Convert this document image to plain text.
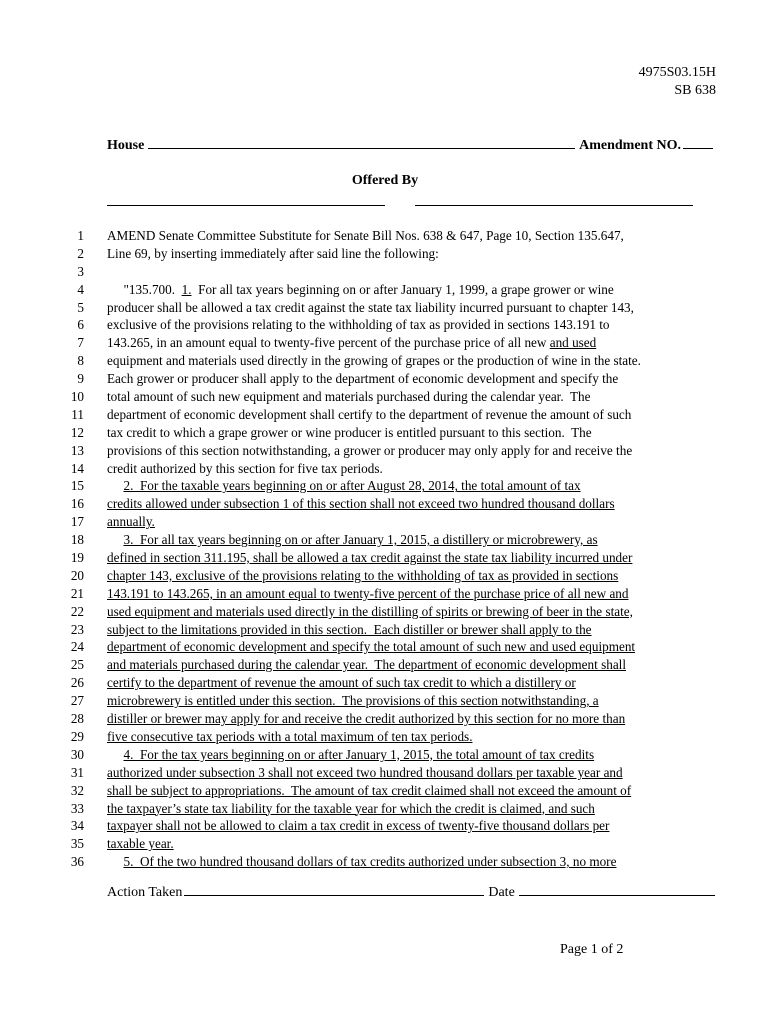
4975S03.15H
SB 638
House	Amendment NO.
Offered By
1 AMEND Senate Committee Substitute for Senate Bill Nos. 638 & 647, Page 10, Section 135.647,
2 Line 69, by inserting immediately after said line the following:
3
4 "135.700.  1.  For all tax years beginning on or after January 1, 1999, a grape grower or wine
5 producer shall be allowed a tax credit against the state tax liability incurred pursuant to chapter 143,
6 exclusive of the provisions relating to the withholding of tax as provided in sections 143.191 to
7 143.265, in an amount equal to twenty-five percent of the purchase price of all new and used
8 equipment and materials used directly in the growing of grapes or the production of wine in the state.
9 Each grower or producer shall apply to the department of economic development and specify the
10 total amount of such new equipment and materials purchased during the calendar year.  The
11 department of economic development shall certify to the department of revenue the amount of such
12 tax credit to which a grape grower or wine producer is entitled pursuant to this section.  The
13 provisions of this section notwithstanding, a grower or producer may only apply for and receive the
14 credit authorized by this section for five tax periods.
15	2.  For the taxable years beginning on or after August 28, 2014, the total amount of tax
16 credits allowed under subsection 1 of this section shall not exceed two hundred thousand dollars
17 annually.
18	3.  For all tax years beginning on or after January 1, 2015, a distillery or microbrewery, as
19 defined in section 311.195, shall be allowed a tax credit against the state tax liability incurred under
20 chapter 143, exclusive of the provisions relating to the withholding of tax as provided in sections
21 143.191 to 143.265, in an amount equal to twenty-five percent of the purchase price of all new and
22 used equipment and materials used directly in the distilling of spirits or brewing of beer in the state,
23 subject to the limitations provided in this section.  Each distiller or brewer shall apply to the
24 department of economic development and specify the total amount of such new and used equipment
25 and materials purchased during the calendar year.  The department of economic development shall
26 certify to the department of revenue the amount of such tax credit to which a distillery or
27 microbrewery is entitled under this section.  The provisions of this section notwithstanding, a
28 distiller or brewer may apply for and receive the credit authorized by this section for no more than
29 five consecutive tax periods with a total maximum of ten tax periods.
30	4.  For the tax years beginning on or after January 1, 2015, the total amount of tax credits
31 authorized under subsection 3 shall not exceed two hundred thousand dollars per taxable year and
32 shall be subject to appropriations.  The amount of tax credit claimed shall not exceed the amount of
33 the taxpayer’s state tax liability for the taxable year for which the credit is claimed, and such
34 taxpayer shall not be allowed to claim a tax credit in excess of twenty-five thousand dollars per
35 taxable year.
36	5.  Of the two hundred thousand dollars of tax credits authorized under subsection 3, no more
Action Taken	Date
Page 1 of 2
